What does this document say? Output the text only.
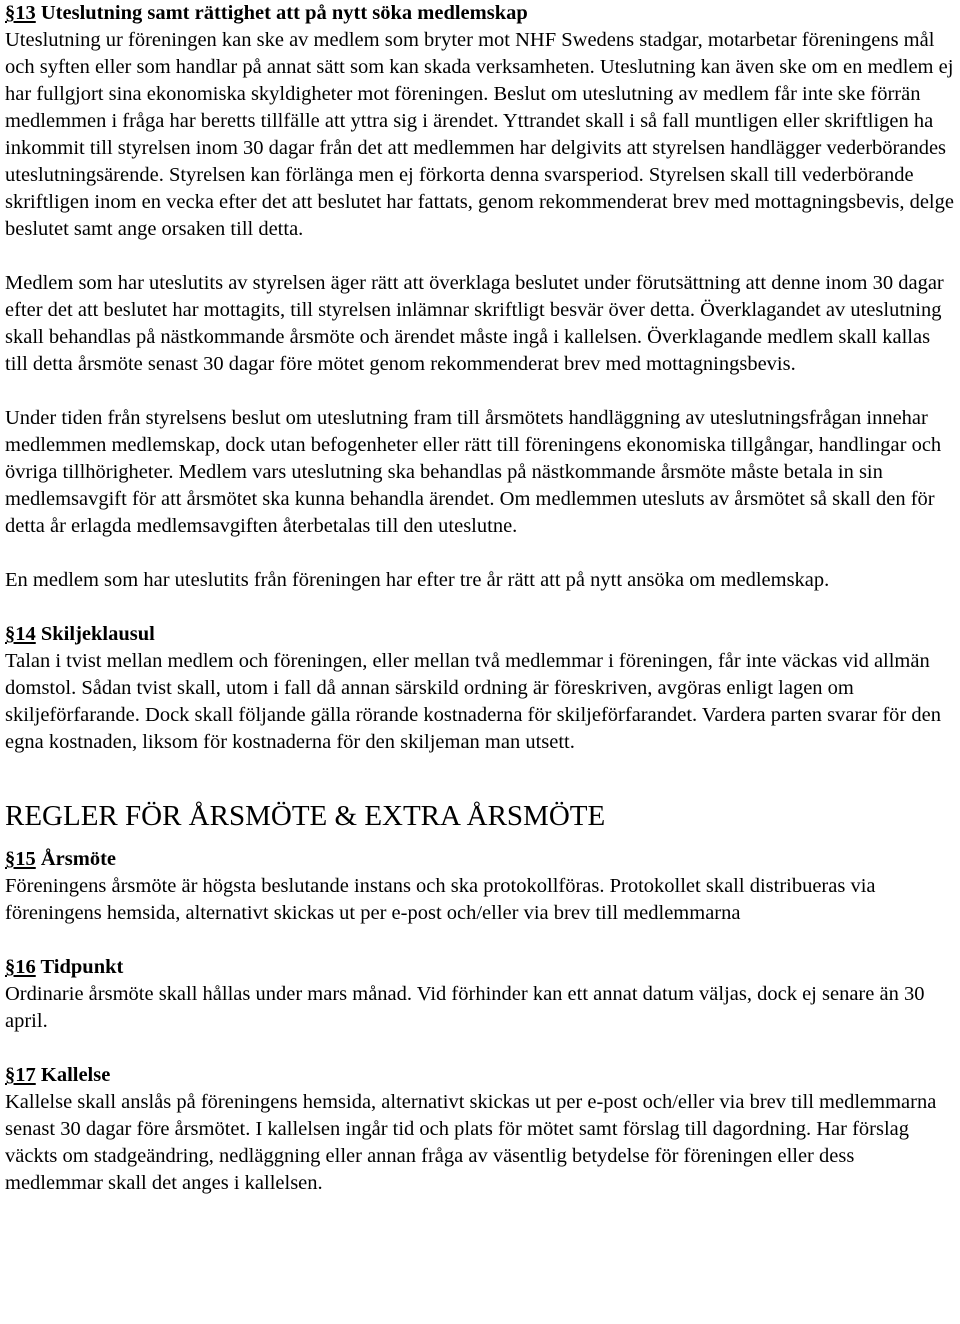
§13 Uteslutning samt rättighet att på nytt söka medlemskap

Uteslutning ur föreningen kan ske av medlem som bryter mot NHF Swedens stadgar, motarbetar föreningens mål och syften eller som handlar på annat sätt som kan skada verksamheten. Uteslutning kan även ske om en medlem ej har fullgjort sina ekonomiska skyldigheter mot föreningen. Beslut om uteslutning av medlem får inte ske förrän medlemmen i fråga har beretts tillfälle att yttra sig i ärendet. Yttrandet skall i så fall muntligen eller skriftligen ha inkommit till styrelsen inom 30 dagar från det att medlemmen har delgivits att styrelsen handlägger vederbörandes uteslutningsärende. Styrelsen kan förlänga men ej förkorta denna svarsperiod. Styrelsen skall till vederbörande skriftligen inom en vecka efter det att beslutet har fattats, genom rekommenderat brev med mottagningsbevis, delge beslutet samt ange orsaken till detta.

Medlem som har uteslutits av styrelsen äger rätt att överklaga beslutet under förutsättning att denne inom 30 dagar efter det att beslutet har mottagits, till styrelsen inlämnar skriftligt besvär över detta. Överklagandet av uteslutning skall behandlas på nästkommande årsmöte och ärendet måste ingå i kallelsen. Överklagande medlem skall kallas till detta årsmöte senast 30 dagar före mötet genom rekommenderat brev med mottagningsbevis.

Under tiden från styrelsens beslut om uteslutning fram till årsmötets handläggning av uteslutningsfrågan innehar medlemmen medlemskap, dock utan befogenheter eller rätt till föreningens ekonomiska tillgångar, handlingar och övriga tillhörigheter. Medlem vars uteslutning ska behandlas på nästkommande årsmöte måste betala in sin medlemsavgift för att årsmötet ska kunna behandla ärendet. Om medlemmen utesluts av årsmötet så skall den för detta år erlagda medlemsavgiften återbetalas till den uteslutne.

En medlem som har uteslutits från föreningen har efter tre år rätt att på nytt ansöka om medlemskap.

§14 Skiljeklausul

Talan i tvist mellan medlem och föreningen, eller mellan två medlemmar i föreningen, får inte väckas vid allmän domstol. Sådan tvist skall, utom i fall då annan särskild ordning är föreskriven, avgöras enligt lagen om skiljeförfarande. Dock skall följande gälla rörande kostnaderna för skiljeförfarandet. Vardera parten svarar för den egna kostnaden, liksom för kostnaderna för den skiljeman man utsett.

REGLER FÖR ÅRSMÖTE & EXTRA ÅRSMÖTE
§15 Årsmöte

Föreningens årsmöte är högsta beslutande instans och ska protokollföras. Protokollet skall distribueras via föreningens hemsida, alternativt skickas ut per e-post och/eller via brev till medlemmarna

§16 Tidpunkt

Ordinarie årsmöte skall hållas under mars månad. Vid förhinder kan ett annat datum väljas, dock ej senare än 30 april.

§17 Kallelse

Kallelse skall anslås på föreningens hemsida, alternativt skickas ut per e-post och/eller via brev till medlemmarna senast 30 dagar före årsmötet. I kallelsen ingår tid och plats för mötet samt förslag till dagordning. Har förslag väckts om stadgeändring, nedläggning eller annan fråga av väsentlig betydelse för föreningen eller dess medlemmar skall det anges i kallelsen.
